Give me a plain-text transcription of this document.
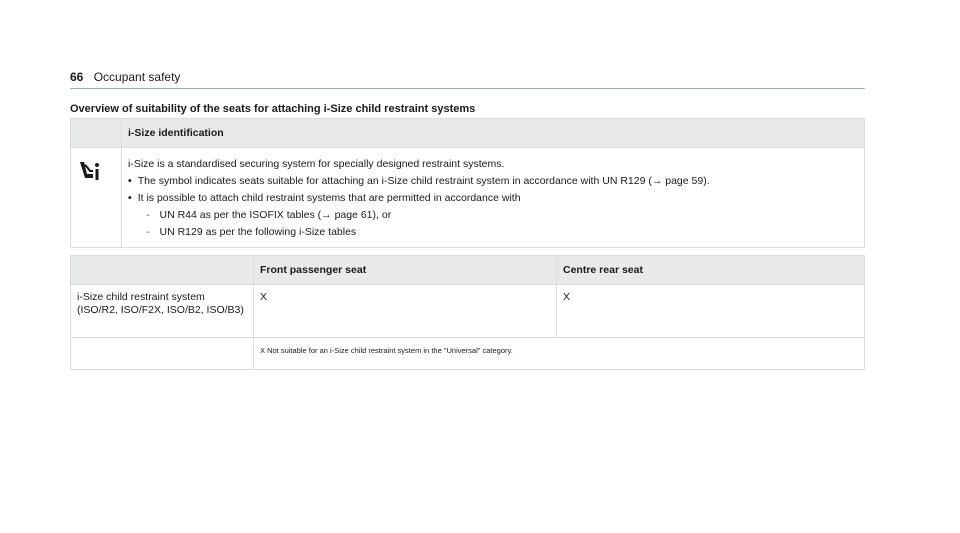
66 Occupant safety
Overview of suitability of the seats for attaching i-Size child restraint systems
	i-Size identification

i-Size is a standardised securing system for specially designed restraint systems.
• The symbol indicates seats suitable for attaching an i-Size child restraint system in accordance with UN R129 (→ page 59).
• It is possible to attach child restraint systems that are permitted in accordance with
- UN R44 as per the ISOFIX tables (→ page 61), or
- UN R129 as per the following i-Size tables
	Front passenger seat	Centre rear seat
i-Size child restraint system (ISO/R2, ISO/F2X, ISO/B2, ISO/B3)	X	X
	X Not suitable for an i-Size child restraint system in the "Universal" category.	
